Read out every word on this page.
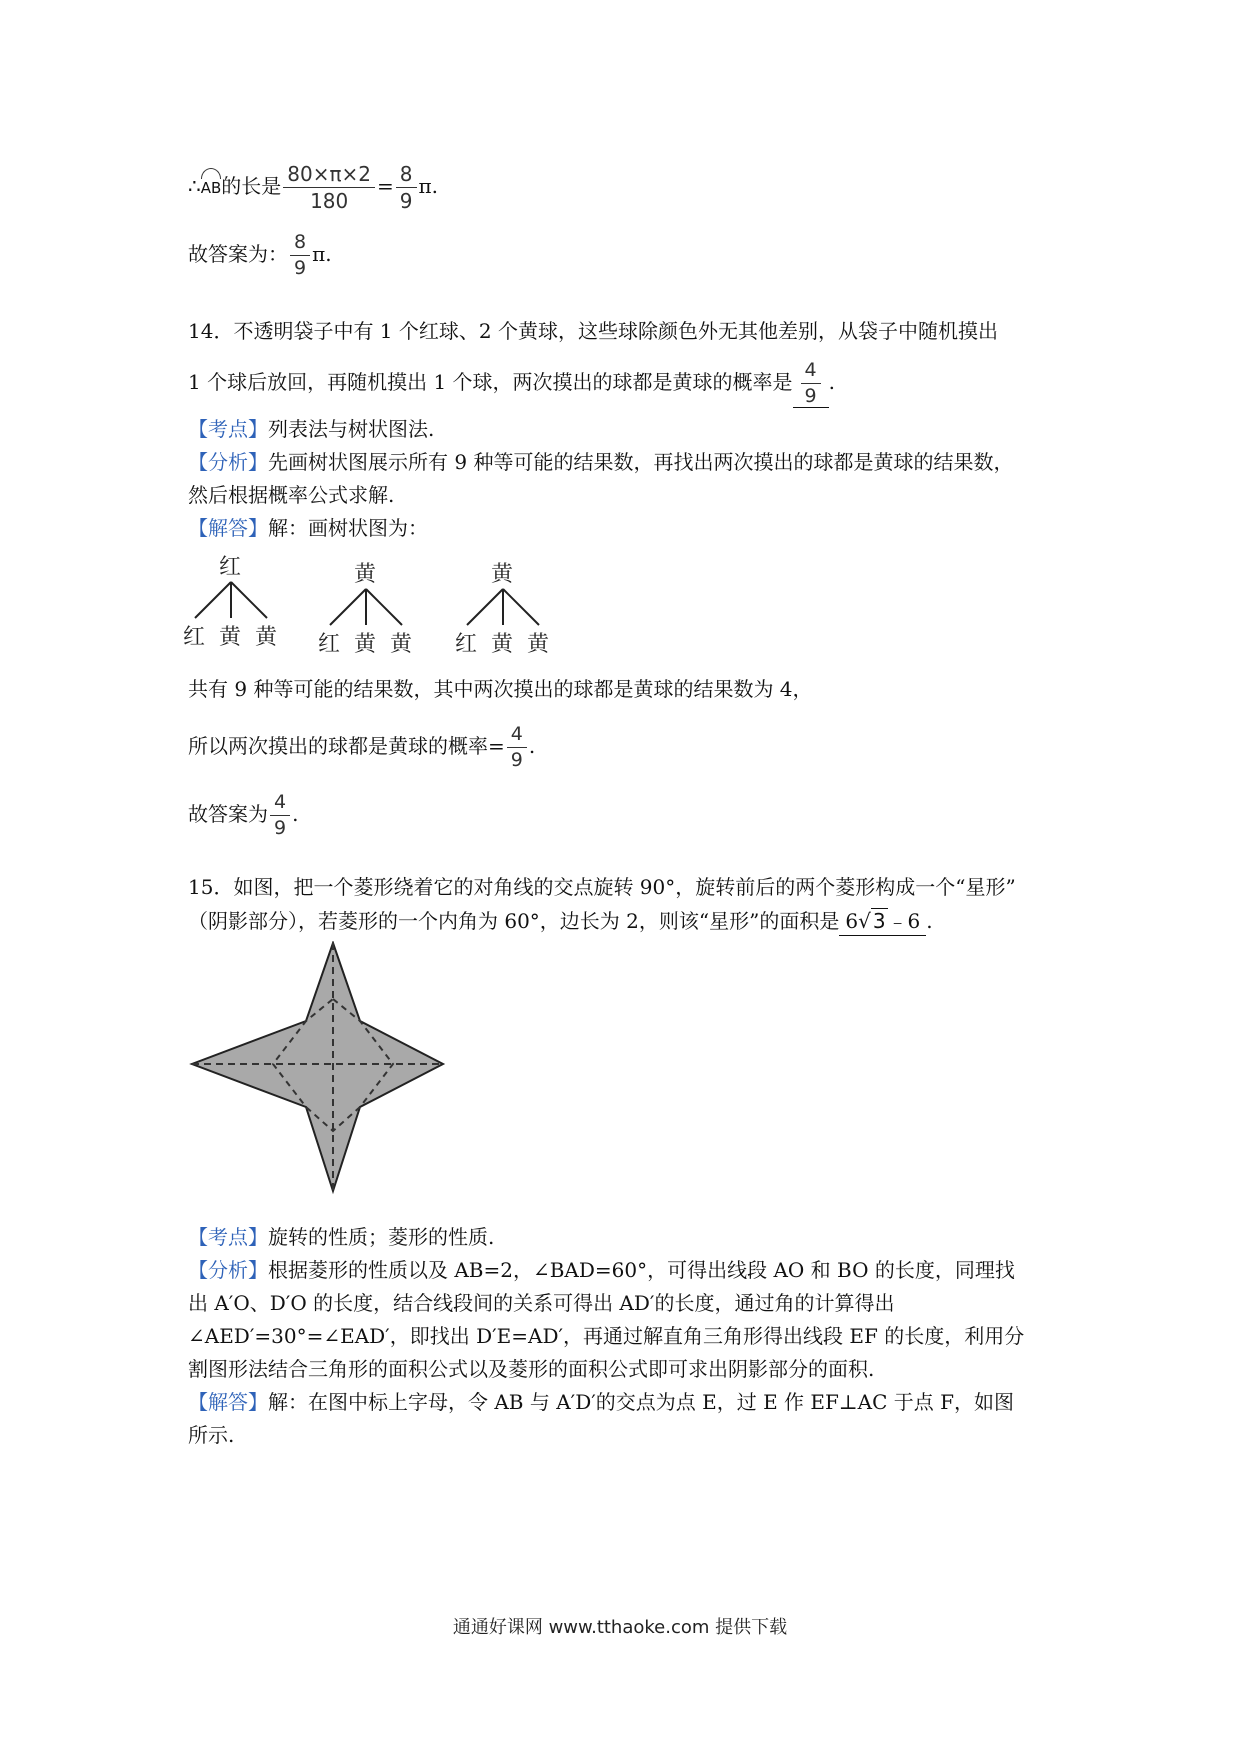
∴AB的长是 $\frac{80\times\pi\times 2}{180} = \frac{8}{9} \pi$.
故答案为： $\frac{8}{9} \pi$.
14．不透明袋子中有 1 个红球、2 个黄球，这些球除颜色外无其他差别，从袋子中随机摸出
1 个球后放回，再随机摸出 1 个球，两次摸出的球都是黄球的概率是 $\frac{4}{9}$ .
【考点】列表法与树状图法.
【分析】先画树状图展示所有 9 种等可能的结果数，再找出两次摸出的球都是黄球的结果数，
然后根据概率公式求解.
【解答】解：画树状图为：
红
红 黄 黄
黄
红 黄 黄
黄
红 黄 黄
共有 9 种等可能的结果数，其中两次摸出的球都是黄球的结果数为 4，
所以两次摸出的球都是黄球的概率= $\frac{4}{9}$ .
故答案为 $\frac{4}{9}$ .
15．如图，把一个菱形绕着它的对角线的交点旋转 90°，旋转前后的两个菱形构成一个“星形”
（阴影部分），若菱形的一个内角为 60°，边长为 2，则该“星形”的面积是 6√ 3 ﹣6 .
【考点】旋转的性质；菱形的性质.
【分析】根据菱形的性质以及 AB=2，∠BAD=60°，可得出线段 AO 和 BO 的长度，同理找
出 A′O、D′O 的长度，结合线段间的关系可得出 AD′的长度，通过角的计算得出
∠AED′=30°=∠EAD′，即找出 D′E=AD′，再通过解直角三角形得出线段 EF 的长度，利用分
割图形法结合三角形的面积公式以及菱形的面积公式即可求出阴影部分的面积.
【解答】解：在图中标上字母，令 AB 与 A′D′的交点为点 E，过 E 作 EF⊥AC 于点 F，如图
所示.
通通好课网 www.tthaoke.com 提供下载
